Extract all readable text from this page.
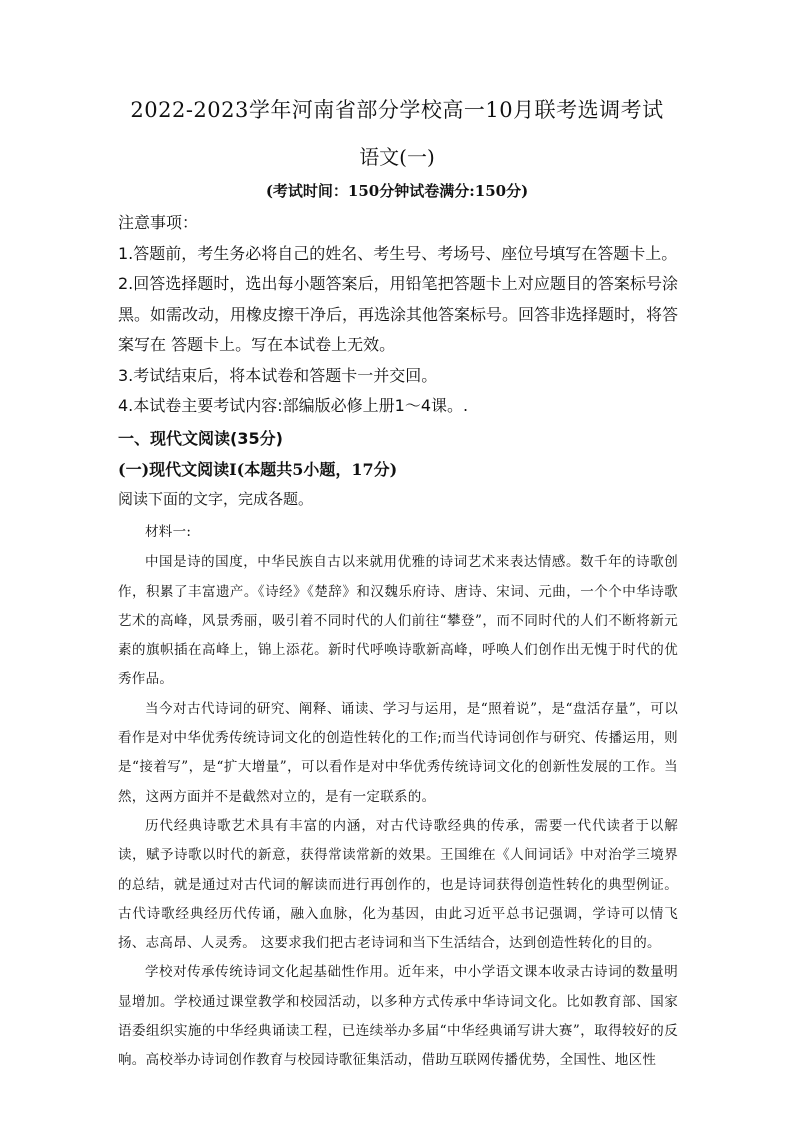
2022-2023学年河南省部分学校高一10月联考选调考试
语文(一)
(考试时间：150分钟试卷满分:150分)

注意事项：

1.答题前，考生务必将自己的姓名、考生号、考场号、座位号填写在答题卡上。

2.回答选择题时，选出每小题答案后，用铅笔把答题卡上对应题目的答案标号涂黑。如需改动，用橡皮擦干净后，再选涂其他答案标号。回答非选择题时，将答案写在 答题卡上。写在本试卷上无效。

3.考试结束后，将本试卷和答题卡一并交回。

4.本试卷主要考试内容:部编版必修上册1～4课。.

一、现代文阅读(35分)
(一)现代文阅读Ⅰ(本题共5小题，17分)
阅读下面的文字，完成各题。

材料一:

中国是诗的国度，中华民族自古以来就用优雅的诗词艺术来表达情感。数千年的诗歌创作，积累了丰富遗产。《诗经》《楚辞》和汉魏乐府诗、唐诗、宋词、元曲，一个个中华诗歌艺术的高峰，风景秀丽，吸引着不同时代的人们前往“攀登”，而不同时代的人们不断将新元素的旗帜插在高峰上，锦上添花。新时代呼唤诗歌新高峰，呼唤人们创作出无愧于时代的优秀作品。

当今对古代诗词的研究、阐释、诵读、学习与运用，是“照着说”，是“盘活存量”，可以看作是对中华优秀传统诗词文化的创造性转化的工作;而当代诗词创作与研究、传播运用，则是“接着写”，是“扩大增量”，可以看作是对中华优秀传统诗词文化的创新性发展的工作。当然，这两方面并不是截然对立的，是有一定联系的。

历代经典诗歌艺术具有丰富的内涵，对古代诗歌经典的传承，需要一代代读者于以解读，赋予诗歌以时代的新意，获得常读常新的效果。王国维在《人间词话》中对治学三境界的总结，就是通过对古代词的解读而进行再创作的，也是诗词获得创造性转化的典型例证。古代诗歌经典经历代传诵，融入血脉，化为基因，由此习近平总书记强调，学诗可以情飞扬、志高昂、人灵秀。 这要求我们把古老诗词和当下生活结合，达到创造性转化的目的。

学校对传承传统诗词文化起基础性作用。近年来，中小学语文课本收录古诗词的数量明显增加。学校通过课堂教学和校园活动，以多种方式传承中华诗词文化。比如教育部、国家语委组织实施的中华经典诵读工程，已连续举办多届“中华经典诵写讲大赛”，取得较好的反响。高校举办诗词创作教育与校园诗歌征集活动，借助互联网传播优势，全国性、地区性
